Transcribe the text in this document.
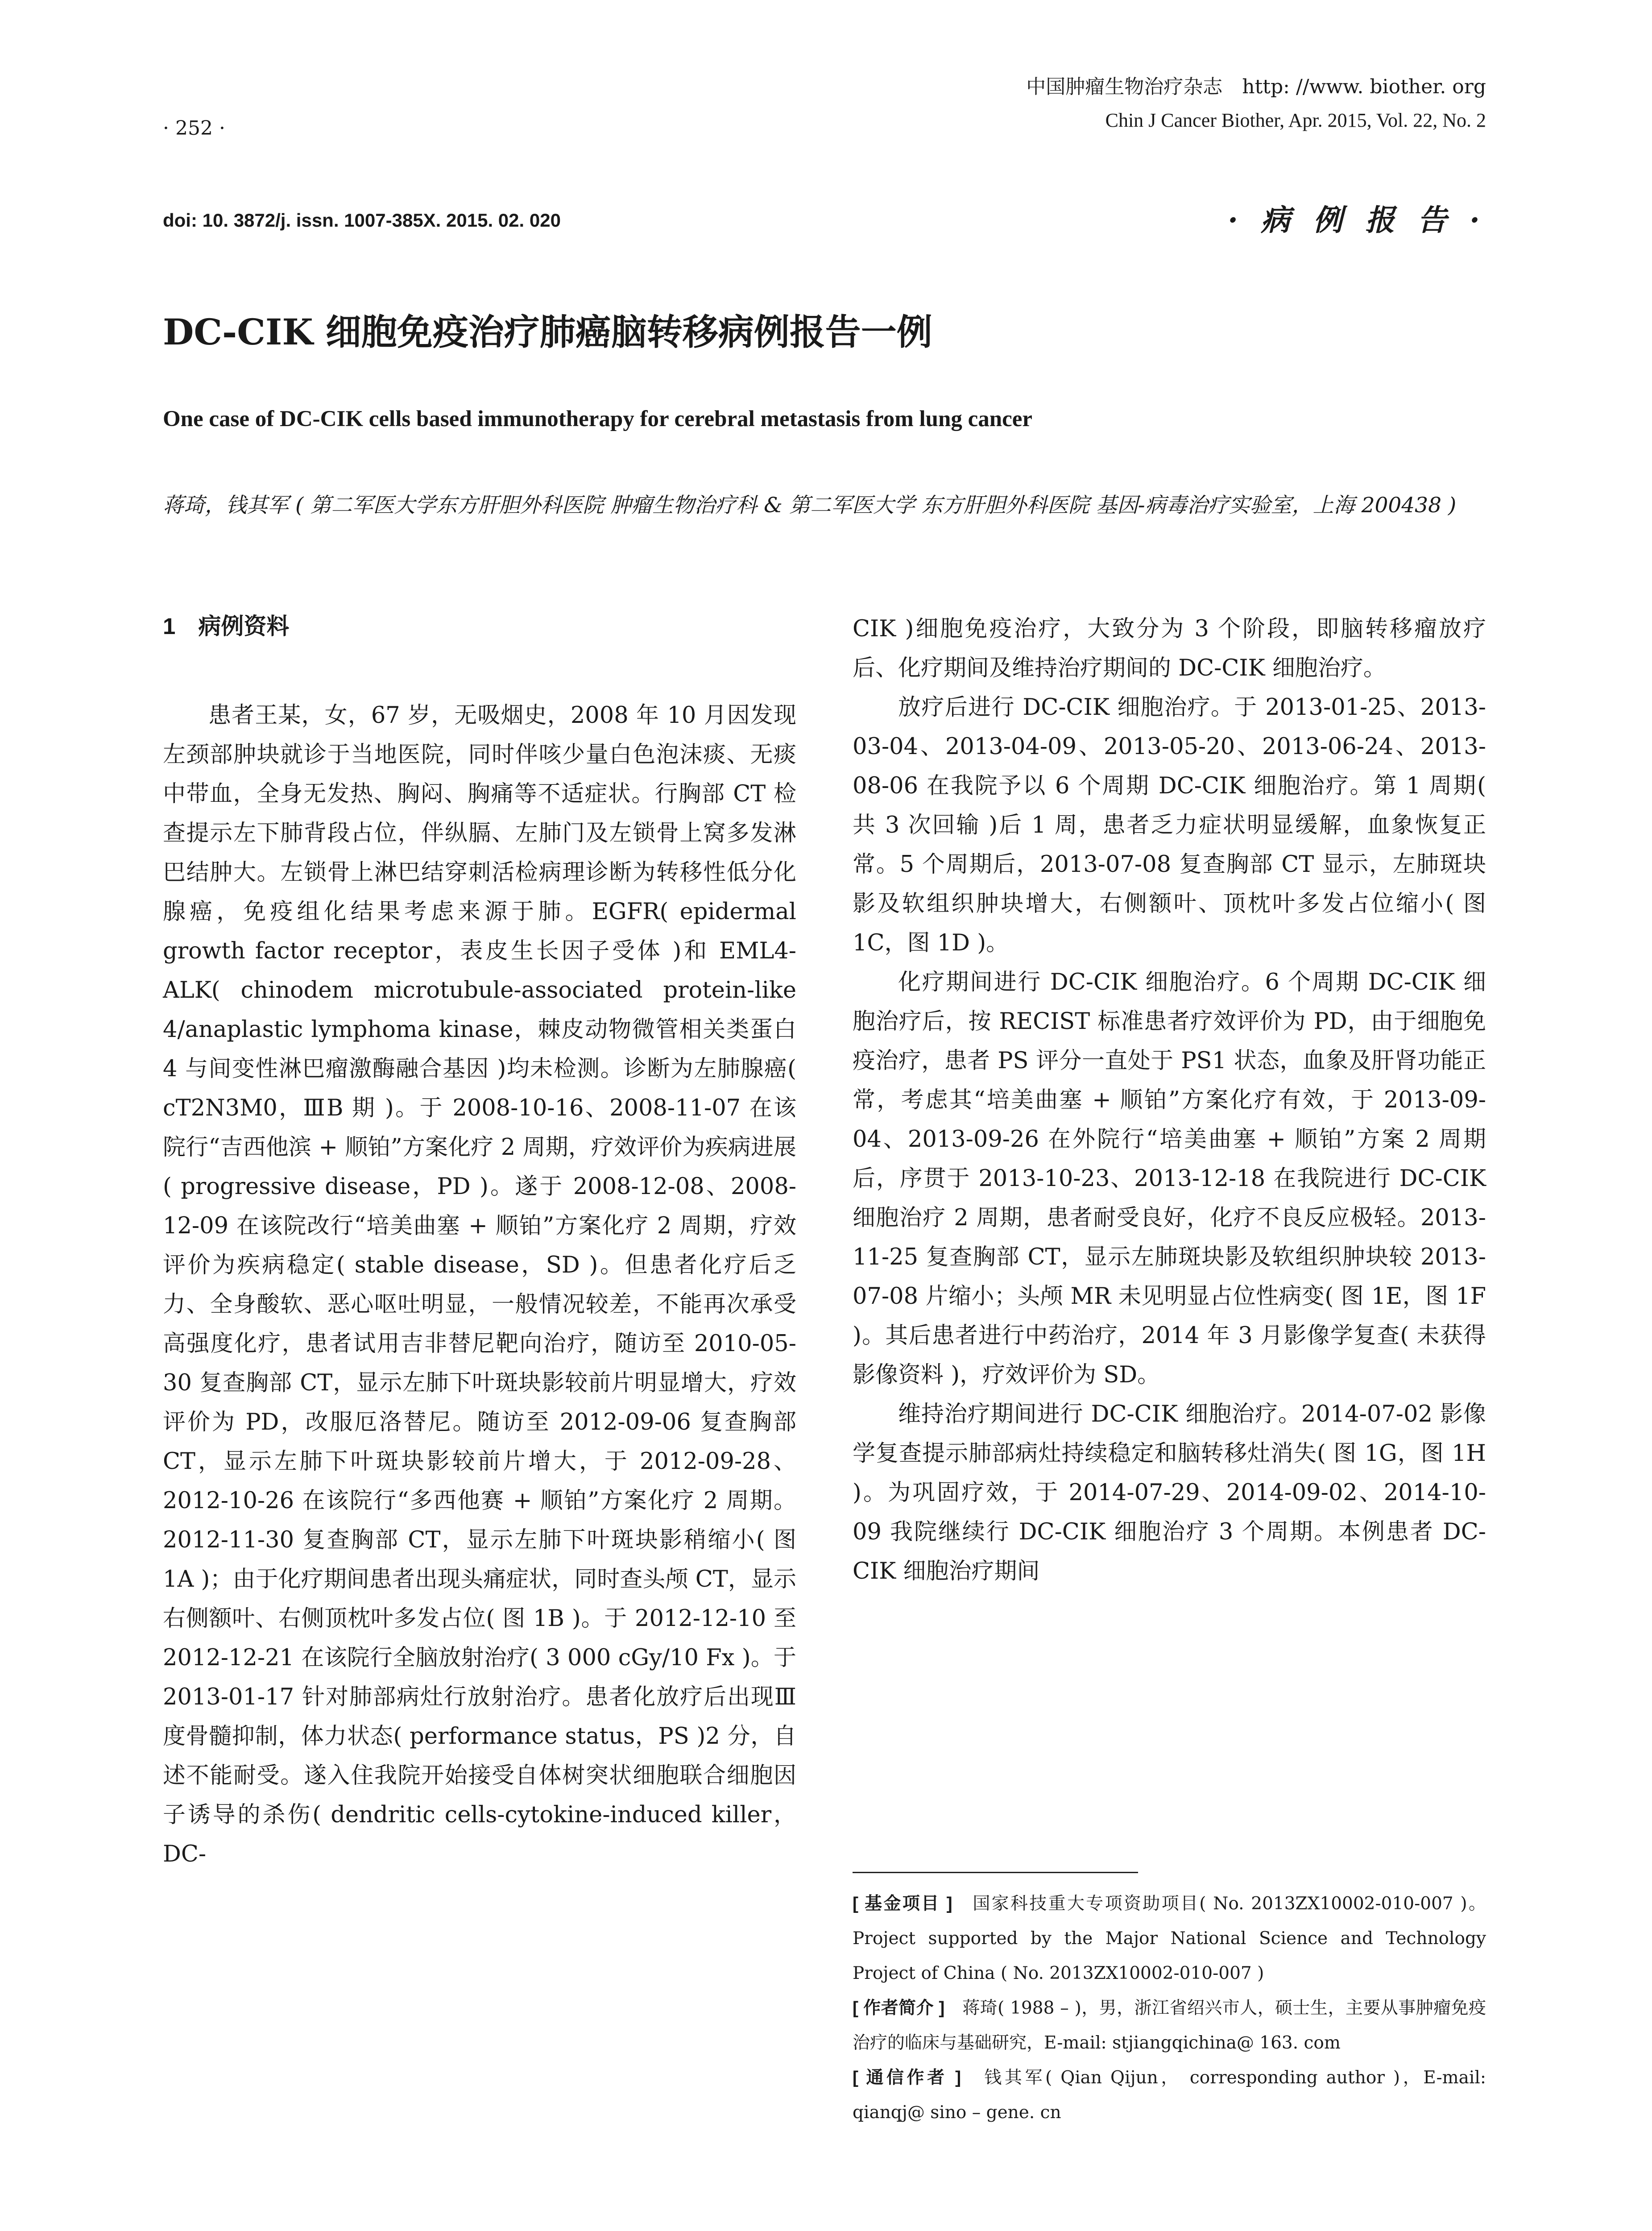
· 252 ·
中国肿瘤生物治疗杂志　http: //www. biother. org
Chin J Cancer Biother, Apr. 2015, Vol. 22, No. 2
doi: 10. 3872/j. issn. 1007-385X. 2015. 02. 020	· 病 例 报 告 ·
DC-CIK 细胞免疫治疗肺癌脑转移病例报告一例
One case of DC-CIK cells based immunotherapy for cerebral metastasis from lung cancer
蒋琦，钱其军 ( 第二军医大学东方肝胆外科医院 肿瘤生物治疗科 & 第二军医大学 东方肝胆外科医院 基因-病毒治疗实验室，上海 200438 )
1　病例资料

患者王某，女，67 岁，无吸烟史，2008 年 10 月因发现左颈部肿块就诊于当地医院，同时伴咳少量白色泡沫痰、无痰中带血，全身无发热、胸闷、胸痛等不适症状。行胸部 CT 检查提示左下肺背段占位，伴纵膈、左肺门及左锁骨上窝多发淋巴结肿大。左锁骨上淋巴结穿刺活检病理诊断为转移性低分化腺癌，免疫组化结果考虑来源于肺。EGFR( epidermal growth factor receptor，表皮生长因子受体 )和 EML4-ALK( chinodem microtubule-associated protein-like 4/anaplastic lymphoma kinase，棘皮动物微管相关类蛋白 4 与间变性淋巴瘤激酶融合基因 )均未检测。诊断为左肺腺癌( cT2N3M0，ⅢB 期 )。于 2008-10-16、2008-11-07 在该院行“吉西他滨 + 顺铂”方案化疗 2 周期，疗效评价为疾病进展( progressive disease，PD )。遂于 2008-12-08、2008-12-09 在该院改行“培美曲塞 + 顺铂”方案化疗 2 周期，疗效评价为疾病稳定( stable disease，SD )。但患者化疗后乏力、全身酸软、恶心呕吐明显，一般情况较差，不能再次承受高强度化疗，患者试用吉非替尼靶向治疗，随访至 2010-05-30 复查胸部 CT，显示左肺下叶斑块影较前片明显增大，疗效评价为 PD，改服厄洛替尼。随访至 2012-09-06 复查胸部 CT，显示左肺下叶斑块影较前片增大，于 2012-09-28、2012-10-26 在该院行“多西他赛 + 顺铂”方案化疗 2 周期。2012-11-30 复查胸部 CT，显示左肺下叶斑块影稍缩小( 图 1A )；由于化疗期间患者出现头痛症状，同时查头颅 CT，显示右侧额叶、右侧顶枕叶多发占位( 图 1B )。于 2012-12-10 至 2012-12-21 在该院行全脑放射治疗( 3 000 cGy/10 Fx )。于 2013-01-17 针对肺部病灶行放射治疗。患者化放疗后出现Ⅲ度骨髓抑制，体力状态( performance status，PS )2 分，自述不能耐受。遂入住我院开始接受自体树突状细胞联合细胞因子诱导的杀伤( dendritic cells-cytokine-induced killer，DC-

CIK )细胞免疫治疗，大致分为 3 个阶段，即脑转移瘤放疗后、化疗期间及维持治疗期间的 DC-CIK 细胞治疗。

放疗后进行 DC-CIK 细胞治疗。于 2013-01-25、2013-03-04、2013-04-09、2013-05-20、2013-06-24、2013-08-06 在我院予以 6 个周期 DC-CIK 细胞治疗。第 1 周期( 共 3 次回输 )后 1 周，患者乏力症状明显缓解，血象恢复正常。5 个周期后，2013-07-08 复查胸部 CT 显示，左肺斑块影及软组织肿块增大，右侧额叶、顶枕叶多发占位缩小( 图 1C，图 1D )。

化疗期间进行 DC-CIK 细胞治疗。6 个周期 DC-CIK 细胞治疗后，按 RECIST 标准患者疗效评价为 PD，由于细胞免疫治疗，患者 PS 评分一直处于 PS1 状态，血象及肝肾功能正常，考虑其“培美曲塞 + 顺铂”方案化疗有效，于 2013-09-04、2013-09-26 在外院行“培美曲塞 + 顺铂”方案 2 周期后，序贯于 2013-10-23、2013-12-18 在我院进行 DC-CIK 细胞治疗 2 周期，患者耐受良好，化疗不良反应极轻。2013-11-25 复查胸部 CT，显示左肺斑块影及软组织肿块较 2013-07-08 片缩小；头颅 MR 未见明显占位性病变( 图 1E，图 1F )。其后患者进行中药治疗，2014 年 3 月影像学复查( 未获得影像资料 )，疗效评价为 SD。

维持治疗期间进行 DC-CIK 细胞治疗。2014-07-02 影像学复查提示肺部病灶持续稳定和脑转移灶消失( 图 1G，图 1H )。为巩固疗效，于 2014-07-29、2014-09-02、2014-10-09 我院继续行 DC-CIK 细胞治疗 3 个周期。本例患者 DC-CIK 细胞治疗期间

[ 基金项目 ]　 国家科技重大专项资助项目( No. 2013ZX10002-010-007 )。Project supported by the Major National Science and Technology Project of China ( No. 2013ZX10002-010-007 )

[ 作者简介 ]　 蒋琦( 1988 – )，男，浙江省绍兴市人，硕士生，主要从事肿瘤免疫治疗的临床与基础研究，E-mail: stjiangqichina@ 163. com

[ 通信作者 ]　 钱其军( Qian Qijun， corresponding author )，E-mail: qianqj@ sino – gene. cn
